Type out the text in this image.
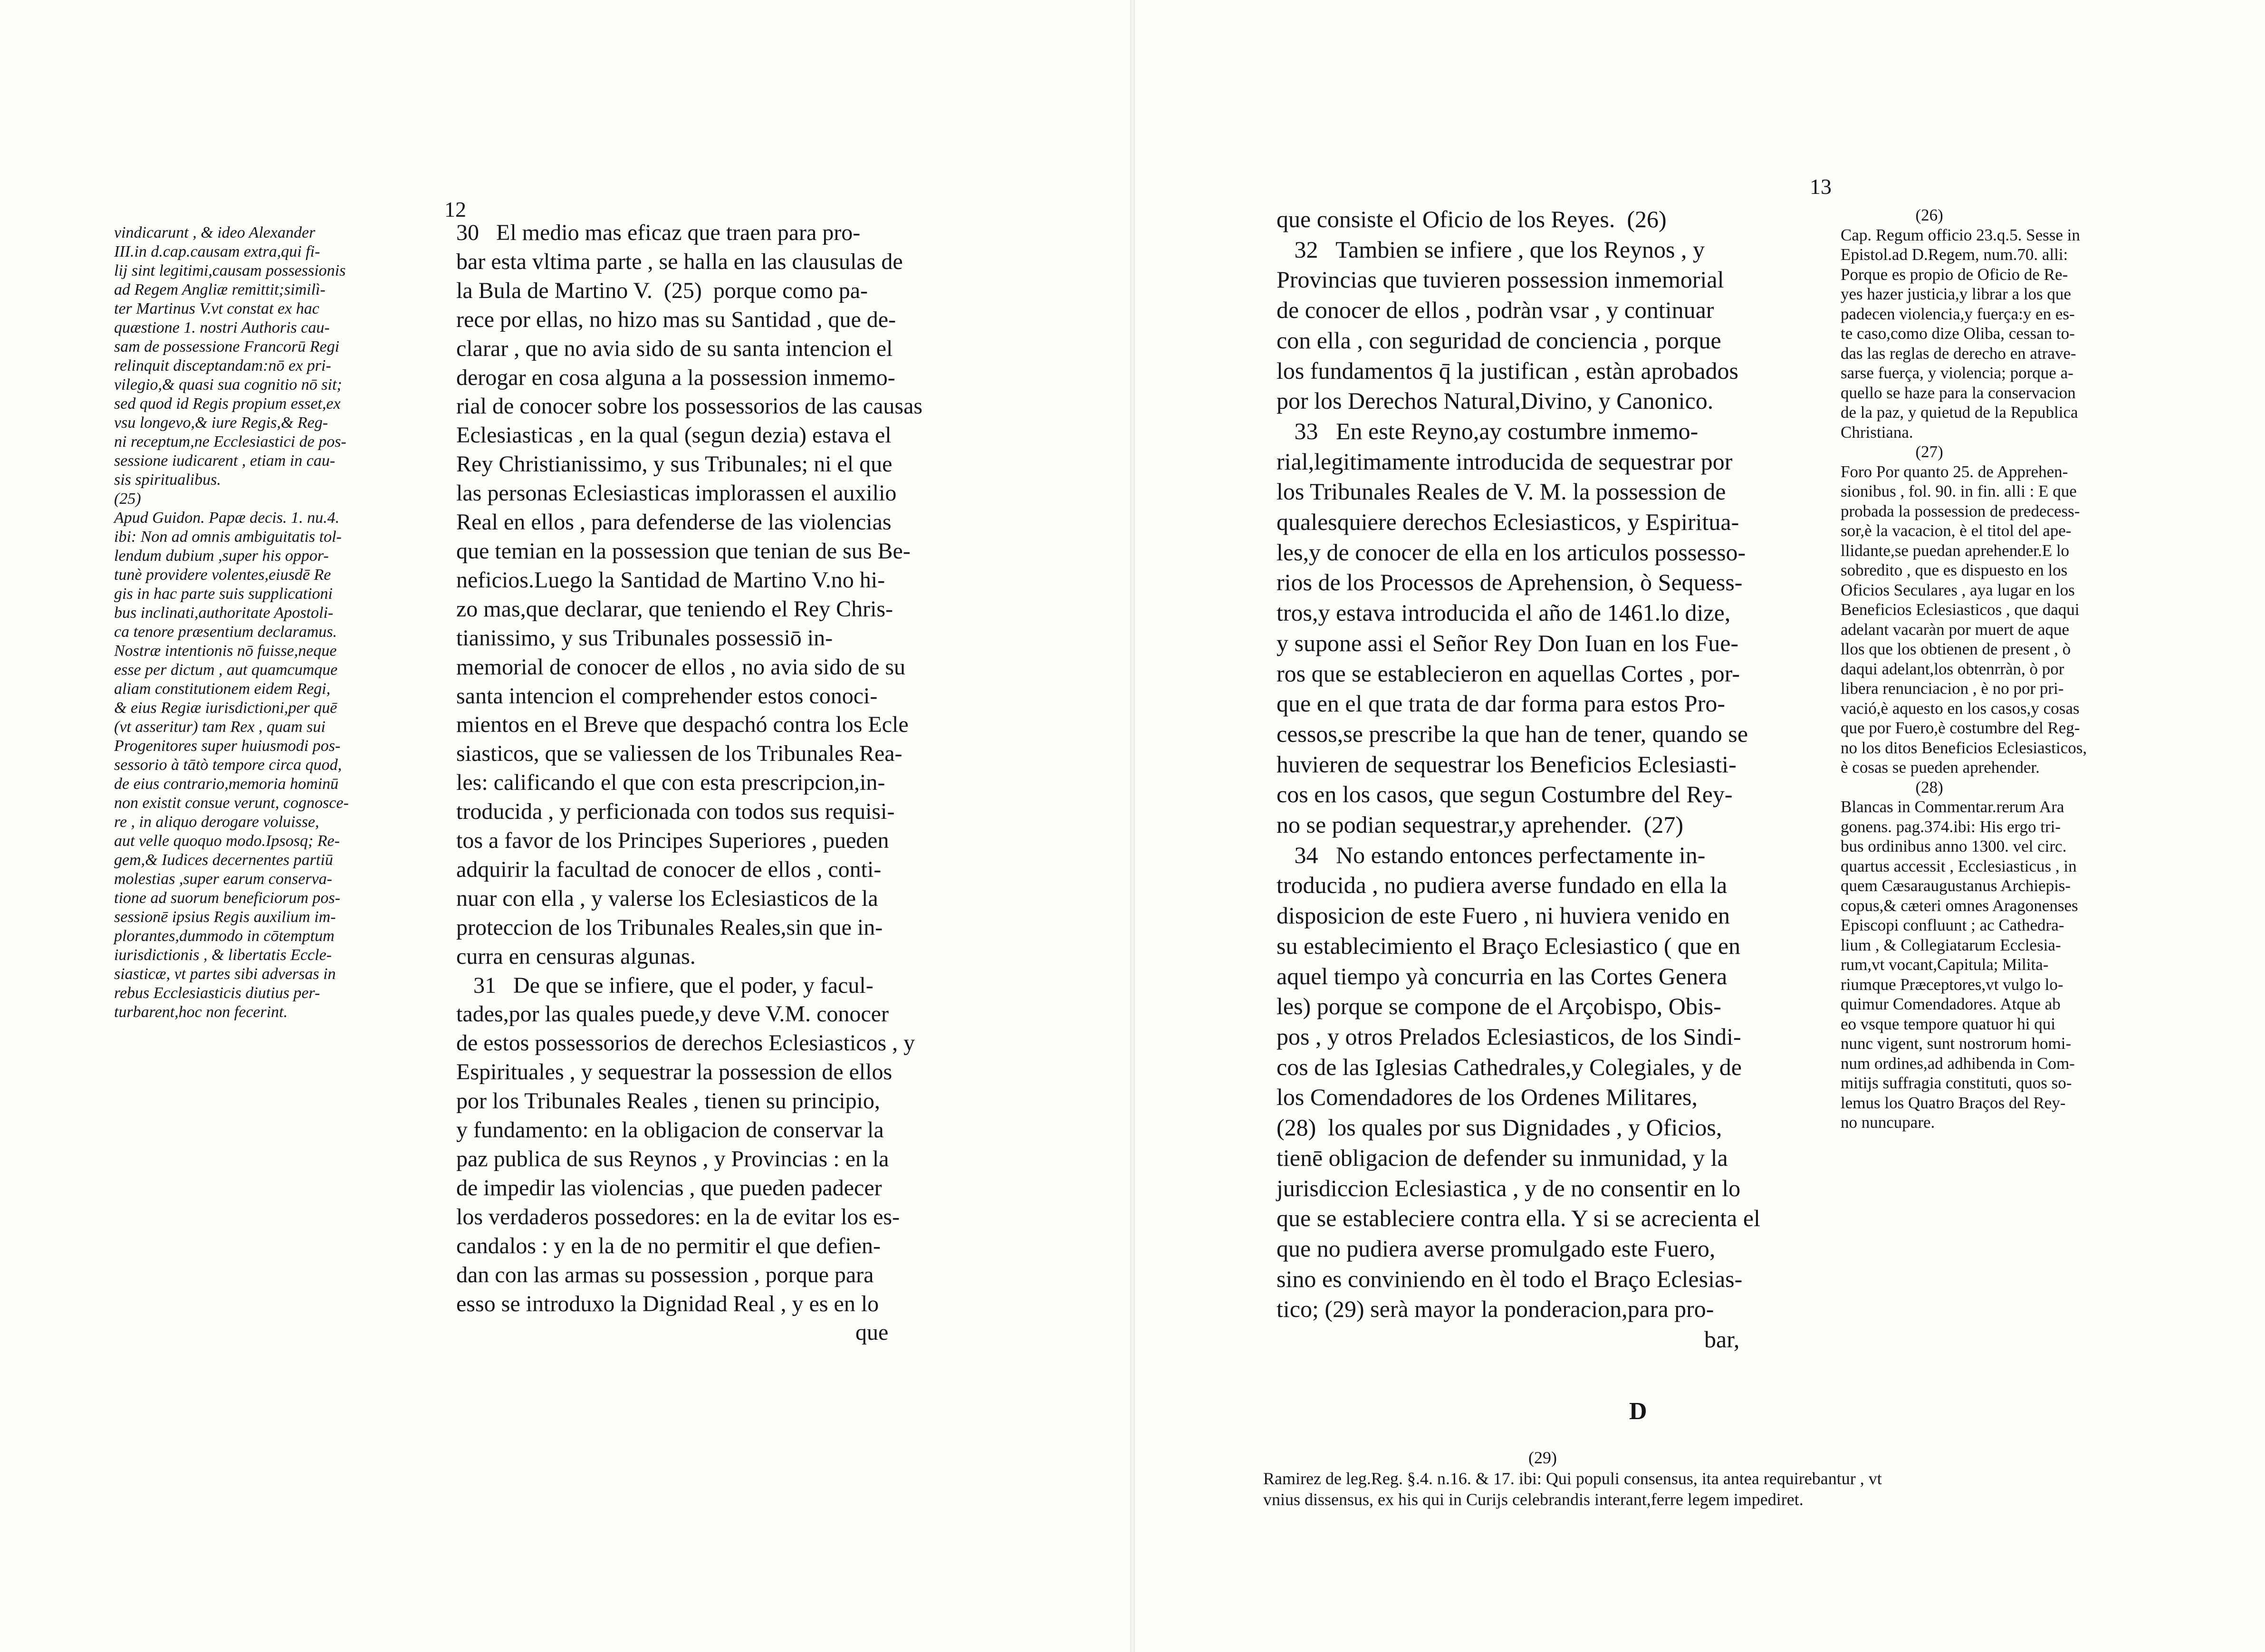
12
vindicarunt , & ideo Alexander
III.in d.cap.causam extra,qui fi-
lij sint legitimi,causam possessionis
ad Regem Angliæ remittit;similì-
ter Martinus V.vt constat ex hac
quæstione 1. nostri Authoris cau-
sam de possessione Francorū Regi
relinquit disceptandam:nō ex pri-
vilegio,& quasi sua cognitio nō sit;
sed quod id Regis propium esset,ex
vsu longevo,& iure Regis,& Reg-
ni receptum,ne Ecclesiastici de pos-
sessione iudicarent , etiam in cau-
sis spiritualibus.
(25)
Apud Guidon. Papæ decis. 1. nu.4.
ibi: Non ad omnis ambiguitatis tol-
lendum dubium ,super his oppor-
tunè providere volentes,eiusdē Re
gis in hac parte suis supplicationi
bus inclinati,authoritate Apostoli-
ca tenore præsentium declaramus.
Nostræ intentionis nō fuisse,neque
esse per dictum , aut quamcumque
aliam constitutionem eidem Regi,
& eius Regiæ iurisdictioni,per quē
(vt asseritur) tam Rex , quam sui
Progenitores super huiusmodi pos-
sessorio à tātò tempore circa quod,
de eius contrario,memoria hominū
non existit consue verunt, cognosce-
re , in aliquo derogare voluisse,
aut velle quoquo modo.Ipsosq; Re-
gem,& Iudices decernentes partiū
molestias ,super earum conserva-
tione ad suorum beneficiorum pos-
sessionē ipsius Regis auxilium im-
plorantes,dummodo in cōtemptum
iurisdictionis , & libertatis Eccle-
siasticæ, vt partes sibi adversas in
rebus Ecclesiasticis diutius per-
turbarent,hoc non fecerint.
30   El medio mas eficaz que traen para pro-
bar esta vltima parte , se halla en las clausulas de
la Bula de Martino V.  (25)  porque como pa-
rece por ellas, no hizo mas su Santidad , que de-
clarar , que no avia sido de su santa intencion el
derogar en cosa alguna a la possession inmemo-
rial de conocer sobre los possessorios de las causas
Eclesiasticas , en la qual (segun dezia) estava el
Rey Christianissimo, y sus Tribunales; ni el que
las personas Eclesiasticas implorassen el auxilio
Real en ellos , para defenderse de las violencias
que temian en la possession que tenian de sus Be-
neficios.Luego la Santidad de Martino V.no hi-
zo mas,que declarar, que teniendo el Rey Chris-
tianissimo, y sus Tribunales possessiō in-
memorial de conocer de ellos , no avia sido de su
santa intencion el comprehender estos conoci-
mientos en el Breve que despachó contra los Ecle
siasticos, que se valiessen de los Tribunales Rea-
les: calificando el que con esta prescripcion,in-
troducida , y perficionada con todos sus requisi-
tos a favor de los Principes Superiores , pueden
adquirir la facultad de conocer de ellos , conti-
nuar con ella , y valerse los Eclesiasticos de la
proteccion de los Tribunales Reales,sin que in-
curra en censuras algunas.
31   De que se infiere, que el poder, y facul-
tades,por las quales puede,y deve V.M. conocer
de estos possessorios de derechos Eclesiasticos , y
Espirituales , y sequestrar la possession de ellos
por los Tribunales Reales , tienen su principio,
y fundamento: en la obligacion de conservar la
paz publica de sus Reynos , y Provincias : en la
de impedir las violencias , que pueden padecer
los verdaderos possedores: en la de evitar los es-
candalos : y en la de no permitir el que defien-
dan con las armas su possession , porque para
esso se introduxo la Dignidad Real , y es en lo
que
13
que consiste el Oficio de los Reyes.  (26)
32   Tambien se infiere , que los Reynos , y
Provincias que tuvieren possession inmemorial
de conocer de ellos , podràn vsar , y continuar
con ella , con seguridad de conciencia , porque
los fundamentos q̄ la justifican , estàn aprobados
por los Derechos Natural,Divino, y Canonico.
33   En este Reyno,ay costumbre inmemo-
rial,legitimamente introducida de sequestrar por
los Tribunales Reales de V. M. la possession de
qualesquiere derechos Eclesiasticos, y Espiritua-
les,y de conocer de ella en los articulos possesso-
rios de los Processos de Aprehension, ò Sequess-
tros,y estava introducida el año de 1461.lo dize,
y supone assi el Señor Rey Don Iuan en los Fue-
ros que se establecieron en aquellas Cortes , por-
que en el que trata de dar forma para estos Pro-
cessos,se prescribe la que han de tener, quando se
huvieren de sequestrar los Beneficios Eclesiasti-
cos en los casos, que segun Costumbre del Rey-
no se podian sequestrar,y aprehender.  (27)
34   No estando entonces perfectamente in-
troducida , no pudiera averse fundado en ella la
disposicion de este Fuero , ni huviera venido en
su establecimiento el Braço Eclesiastico ( que en
aquel tiempo yà concurria en las Cortes Genera
les) porque se compone de el Arçobispo, Obis-
pos , y otros Prelados Eclesiasticos, de los Sindi-
cos de las Iglesias Cathedrales,y Colegiales, y de
los Comendadores de los Ordenes Militares,
(28)  los quales por sus Dignidades , y Oficios,
tienē obligacion de defender su inmunidad, y la
jurisdiccion Eclesiastica , y de no consentir en lo
que se estableciere contra ella. Y si se acrecienta el
que no pudiera averse promulgado este Fuero,
sino es conviniendo en èl todo el Braço Eclesias-
tico; (29) serà mayor la ponderacion,para pro-
bar,
D
(26)
Cap. Regum officio 23.q.5. Sesse in
Epistol.ad D.Regem, num.70. alli:
Porque es propio de Oficio de Re-
yes hazer justicia,y librar a los que
padecen violencia,y fuerça:y en es-
te caso,como dize Oliba, cessan to-
das las reglas de derecho en atrave-
sarse fuerça, y violencia; porque a-
quello se haze para la conservacion
de la paz, y quietud de la Republica
Christiana.
(27)
Foro Por quanto 25. de Apprehen-
sionibus , fol. 90. in fin. alli : E que
probada la possession de predecess-
sor,è la vacacion, è el titol del ape-
llidante,se puedan aprehender.E lo
sobredito , que es dispuesto en los
Oficios Seculares , aya lugar en los
Beneficios Eclesiasticos , que daqui
adelant vacaràn por muert de aque
llos que los obtienen de present , ò
daqui adelant,los obtenrràn, ò por
libera renunciacion , è no por pri-
vació,è aquesto en los casos,y cosas
que por Fuero,è costumbre del Reg-
no los ditos Beneficios Eclesiasticos,
è cosas se pueden aprehender.
(28)
Blancas in Commentar.rerum Ara
gonens. pag.374.ibi: His ergo tri-
bus ordinibus anno 1300. vel circ.
quartus accessit , Ecclesiasticus , in
quem Cæsaraugustanus Archiepis-
copus,& cæteri omnes Aragonenses
Episcopi confluunt ; ac Cathedra-
lium , & Collegiatarum Ecclesia-
rum,vt vocant,Capitula; Milita-
riumque Præceptores,vt vulgo lo-
quimur Comendadores. Atque ab
eo vsque tempore quatuor hi qui
nunc vigent, sunt nostrorum homi-
num ordines,ad adhibenda in Com-
mitijs suffragia constituti, quos so-
lemus los Quatro Braços del Rey-
no nuncupare.
(29)
Ramirez de leg.Reg. §.4. n.16. & 17. ibi: Qui populi consensus, ita antea requirebantur , vt
vnius dissensus, ex his qui in Curijs celebrandis interant,ferre legem impediret.
